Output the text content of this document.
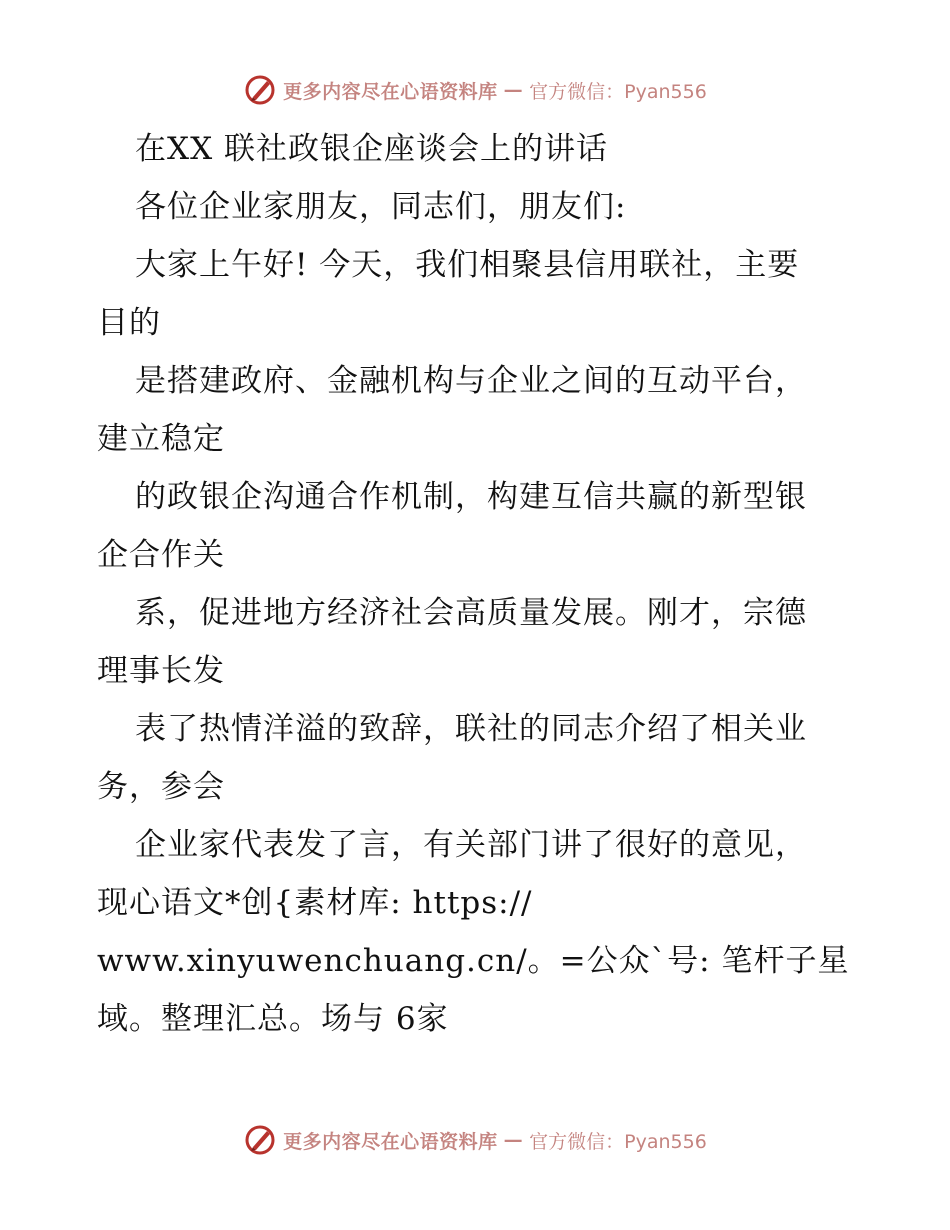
更多内容尽在心语资料库 — 官方微信：Pyan556
在XX 联社政银企座谈会上的讲话
各位企业家朋友，同志们，朋友们:
大家上午好! 今天，我们相聚县信用联社，主要
目的
是搭建政府、金融机构与企业之间的互动平台，
建立稳定
的政银企沟通合作机制，构建互信共赢的新型银
企合作关
系，促进地方经济社会高质量发展。刚才，宗德
理事长发
表了热情洋溢的致辞，联社的同志介绍了相关业
务，参会
企业家代表发了言，有关部门讲了很好的意见，
现心语文*创{素材库: https://
www.xinyuwenchuang.cn/。=公众`号: 笔杆子星
域。整理汇总。场与 6家
更多内容尽在心语资料库 — 官方微信：Pyan556
